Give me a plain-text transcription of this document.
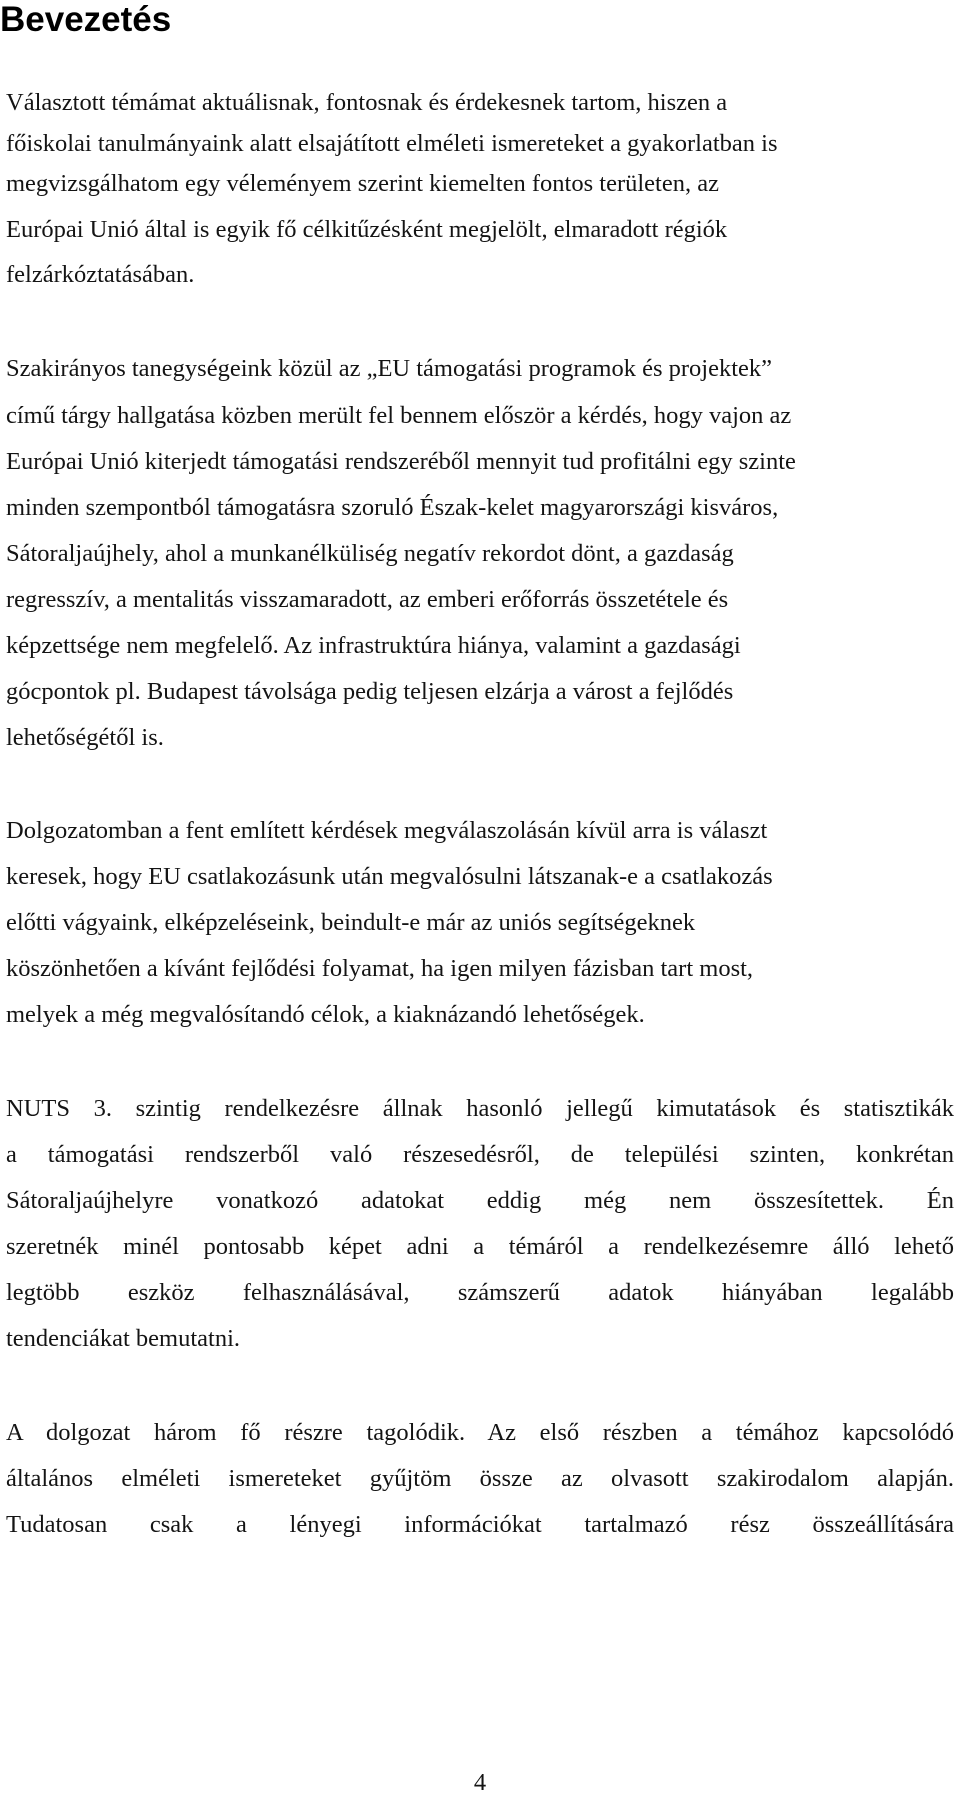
Bevezetés
Választott témámat aktuálisnak, fontosnak és érdekesnek tartom, hiszen a
főiskolai tanulmányaink alatt elsajátított elméleti ismereteket a gyakorlatban is
megvizsgálhatom egy véleményem szerint kiemelten fontos területen, az
Európai Unió által is egyik fő célkitűzésként megjelölt, elmaradott régiók
felzárkóztatásában.
Szakirányos tanegységeink közül az „EU támogatási programok és projektek”
című tárgy hallgatása közben merült fel bennem először a kérdés, hogy vajon az
Európai Unió kiterjedt támogatási rendszeréből mennyit tud profitálni egy szinte
minden szempontból támogatásra szoruló Észak-kelet magyarországi kisváros,
Sátoraljaújhely, ahol a munkanélküliség negatív rekordot dönt, a gazdaság
regresszív, a mentalitás visszamaradott, az emberi erőforrás összetétele és
képzettsége nem megfelelő. Az infrastruktúra hiánya, valamint a gazdasági
gócpontok pl. Budapest távolsága pedig teljesen elzárja a várost a fejlődés
lehetőségétől is.
Dolgozatomban a fent említett kérdések megválaszolásán kívül arra is választ
keresek, hogy EU csatlakozásunk után megvalósulni látszanak-e a csatlakozás
előtti vágyaink, elképzeléseink, beindult-e már az uniós segítségeknek
köszönhetően a kívánt fejlődési folyamat, ha igen milyen fázisban tart most,
melyek a még megvalósítandó célok, a kiaknázandó lehetőségek.
NUTS 3. szintig rendelkezésre állnak hasonló jellegű kimutatások és statisztikák
a támogatási rendszerből való részesedésről, de települési szinten, konkrétan
Sátoraljaújhelyre vonatkozó adatokat eddig még nem összesítettek. Én
szeretnék minél pontosabb képet adni a témáról a rendelkezésemre álló lehető
legtöbb eszköz felhasználásával, számszerű adatok hiányában legalább
tendenciákat bemutatni.
A dolgozat három fő részre tagolódik. Az első részben a témához kapcsolódó
általános elméleti ismereteket gyűjtöm össze az olvasott szakirodalom alapján.
Tudatosan csak a lényegi információkat tartalmazó rész összeállítására
4
